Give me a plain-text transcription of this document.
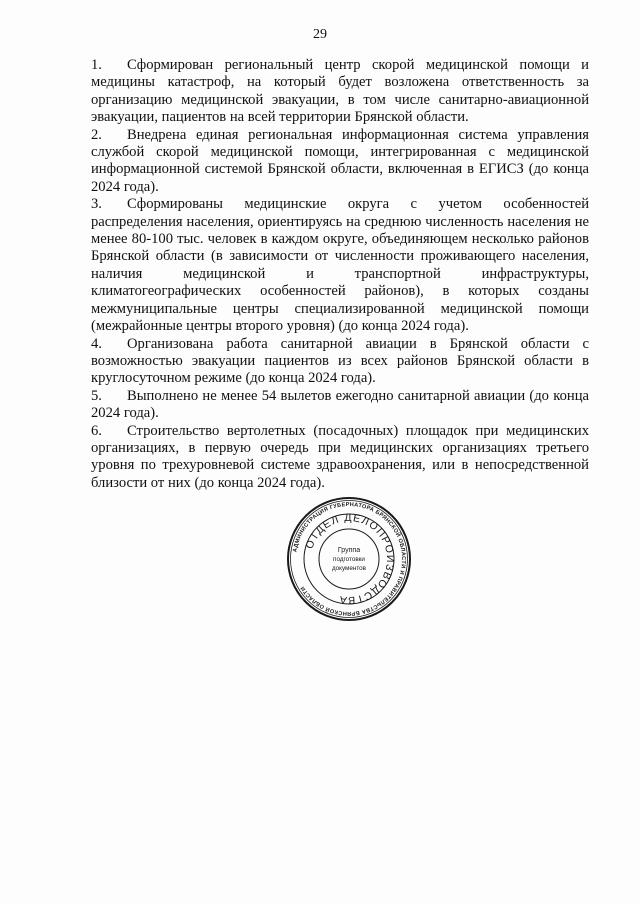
29

1. Сформирован региональный центр скорой медицинской помощи и медицины катастроф, на который будет возложена ответственность за организацию медицинской эвакуации, в том числе санитарно-авиационной эвакуации, пациентов на всей территории Брянской области.

2. Внедрена единая региональная информационная система управления службой скорой медицинской помощи, интегрированная с медицинской информационной системой Брянской области, включенная в ЕГИСЗ (до конца 2024 года).

3. Сформированы медицинские округа с учетом особенностей распределения населения, ориентируясь на среднюю численность населения не менее 80-100 тыс. человек в каждом округе, объединяющем несколько районов Брянской области (в зависимости от численности проживающего населения, наличия медицинской и транспортной инфраструктуры, климатогеографических особенностей районов), в которых созданы межмуниципальные центры специализированной медицинской помощи (межрайонные центры второго уровня) (до конца 2024 года).

4. Организована работа санитарной авиации в Брянской области с возможностью эвакуации пациентов из всех районов Брянской области в круглосуточном режиме (до конца 2024 года).

5. Выполнено не менее 54 вылетов ежегодно санитарной авиации (до конца 2024 года).

6. Строительство вертолетных (посадочных) площадок при медицинских организациях, в первую очередь при медицинских организациях третьего уровня по трехуровневой системе здравоохранения, или в непосредственной близости от них (до конца 2024 года).

АДМИНИСТРАЦИЯ ГУБЕРНАТОРА БРЯНСКОЙ ОБЛАСТИ И ПРАВИТЕЛЬСТВА БРЯНСКОЙ ОБЛАСТИ
ОТДЕЛ ДЕЛОПРОИЗВОДСТВА
Группа
подготовки
документов
